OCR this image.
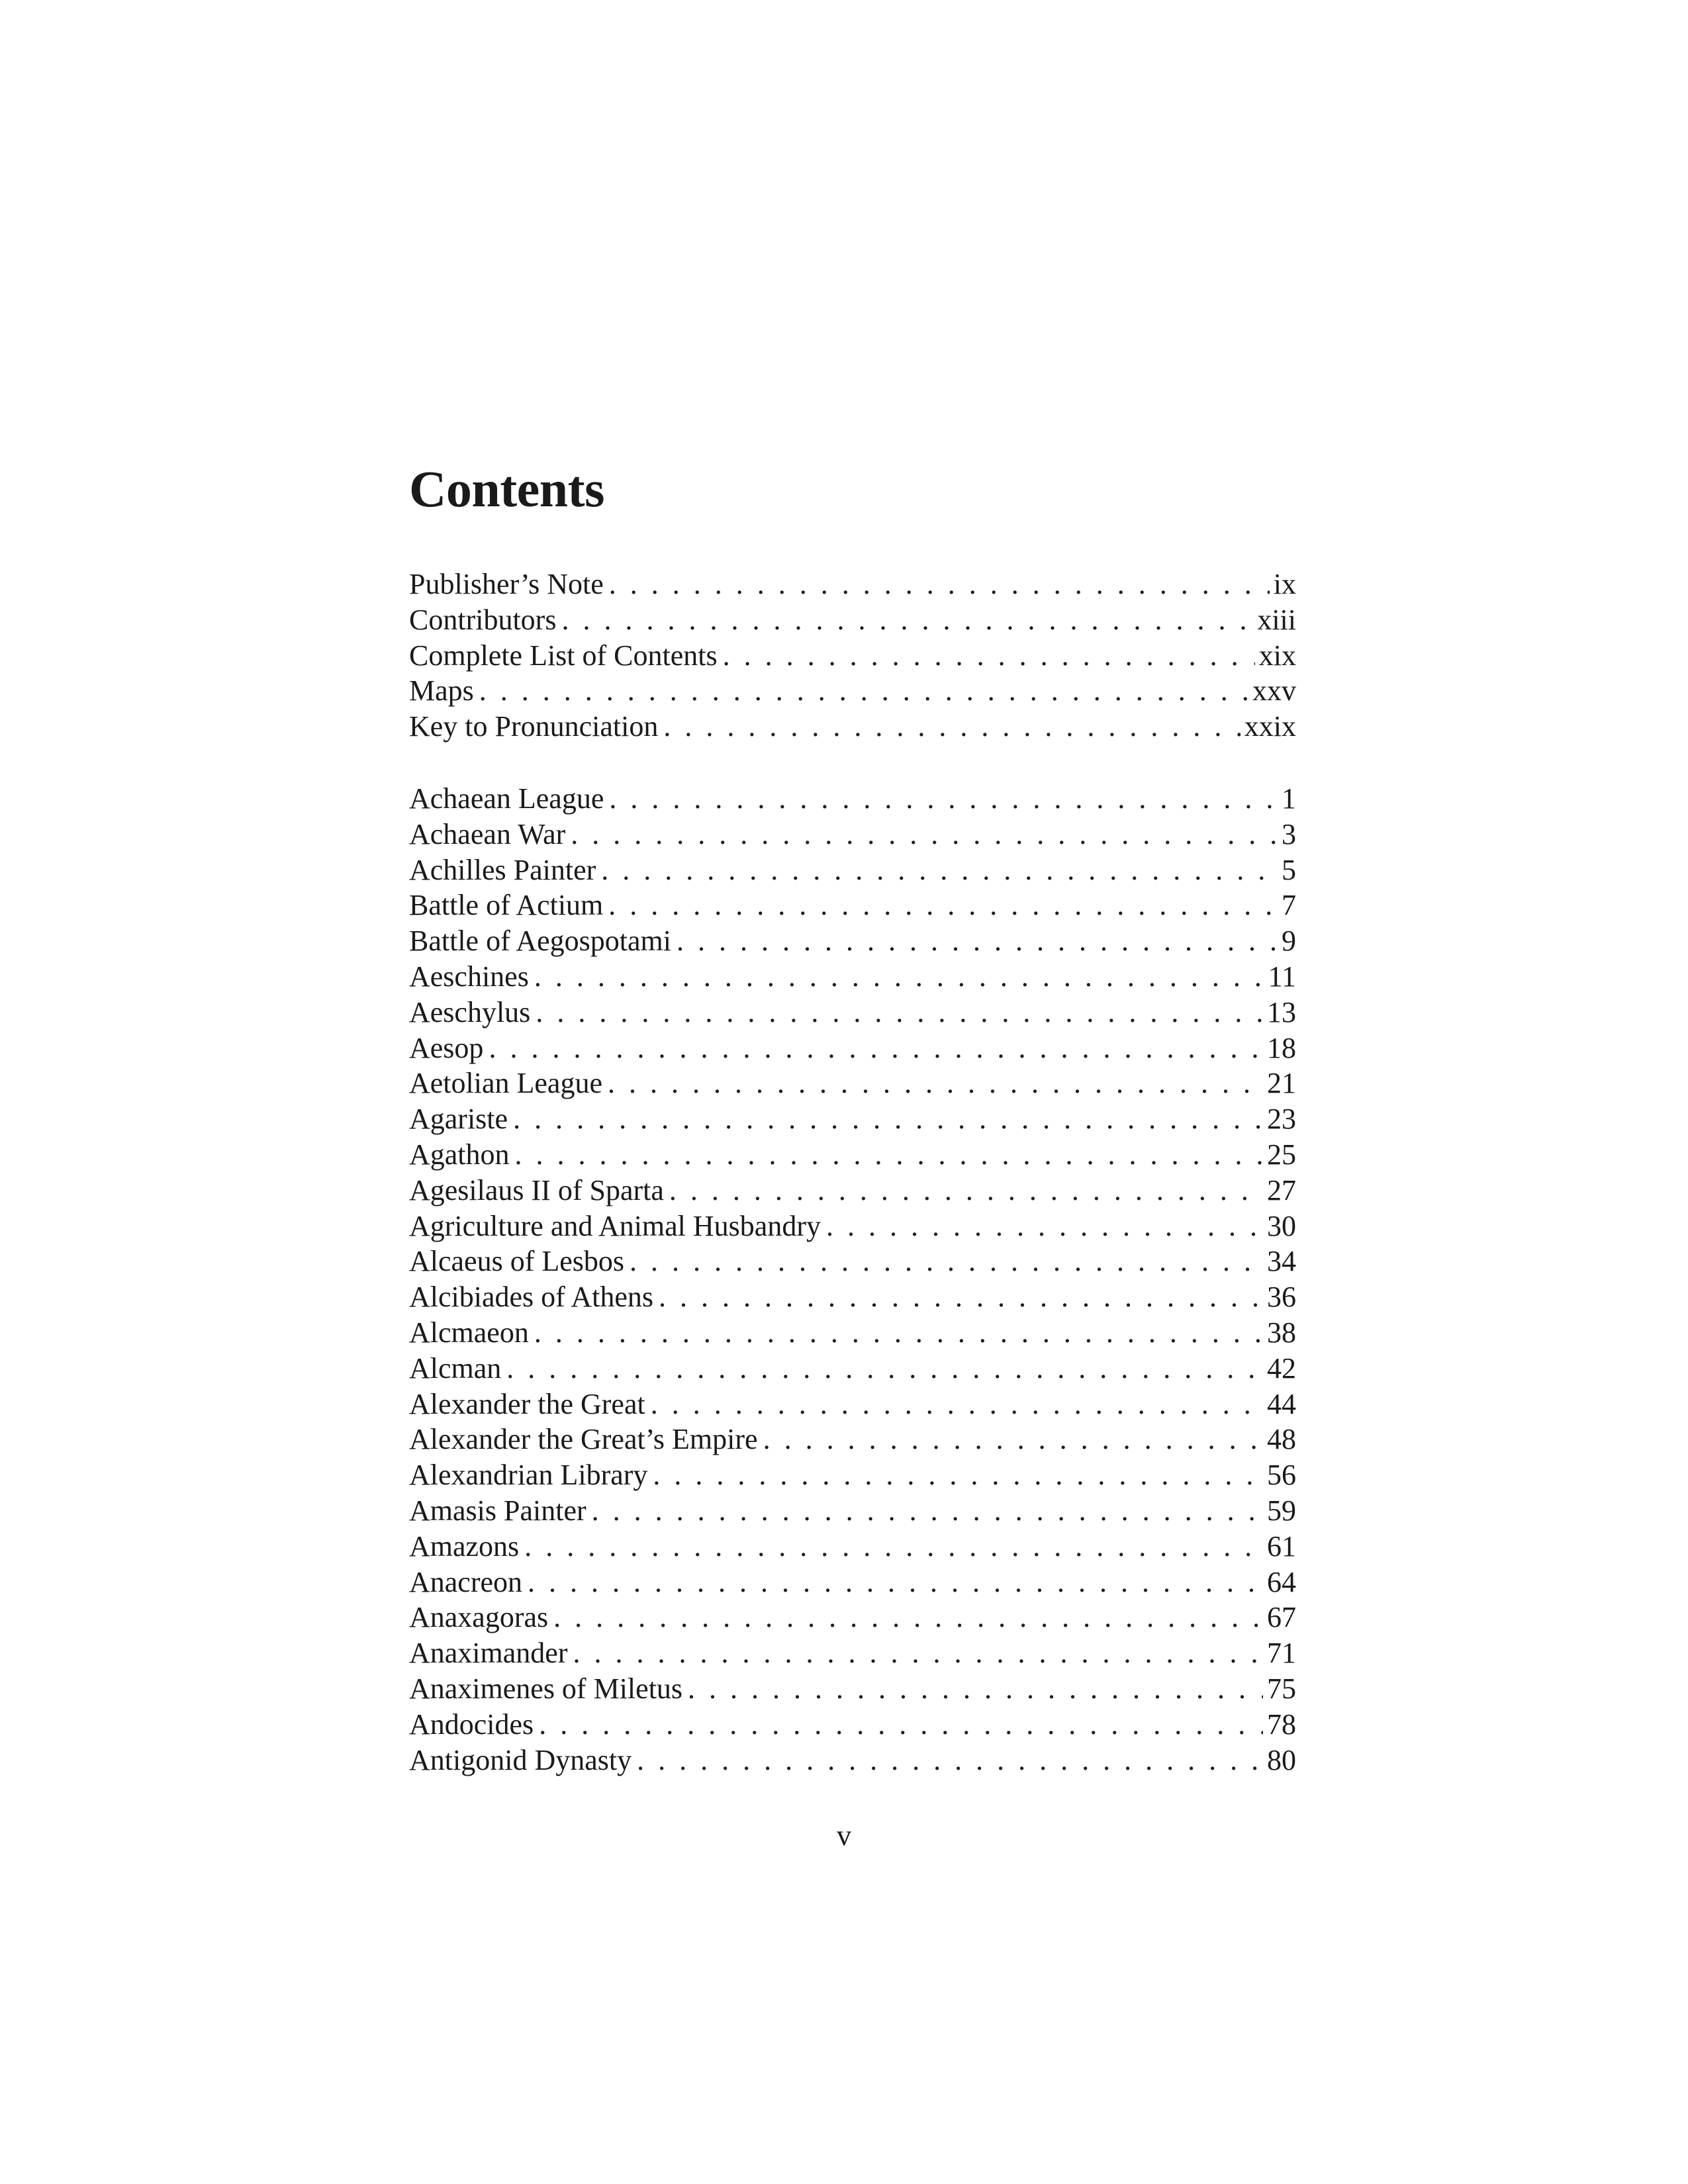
Contents
Publisher’s Note . . .	ix
Contributors . . .	xiii
Complete List of Contents . . .	xix
Maps . . .	xxv
Key to Pronunciation . . .	xxix
Achaean League . . .	1
Achaean War . . .	3
Achilles Painter . . .	5
Battle of Actium . . .	7
Battle of Aegospotami . . .	9
Aeschines . . .	11
Aeschylus . . .	13
Aesop . . .	18
Aetolian League . . .	21
Agariste . . .	23
Agathon . . .	25
Agesilaus II of Sparta . . .	27
Agriculture and Animal Husbandry . . .	30
Alcaeus of Lesbos . . .	34
Alcibiades of Athens . . .	36
Alcmaeon . . .	38
Alcman . . .	42
Alexander the Great . . .	44
Alexander the Great’s Empire . . .	48
Alexandrian Library . . .	56
Amasis Painter . . .	59
Amazons . . .	61
Anacreon . . .	64
Anaxagoras . . .	67
Anaximander . . .	71
Anaximenes of Miletus . . .	75
Andocides . . .	78
Antigonid Dynasty . . .	80
v
